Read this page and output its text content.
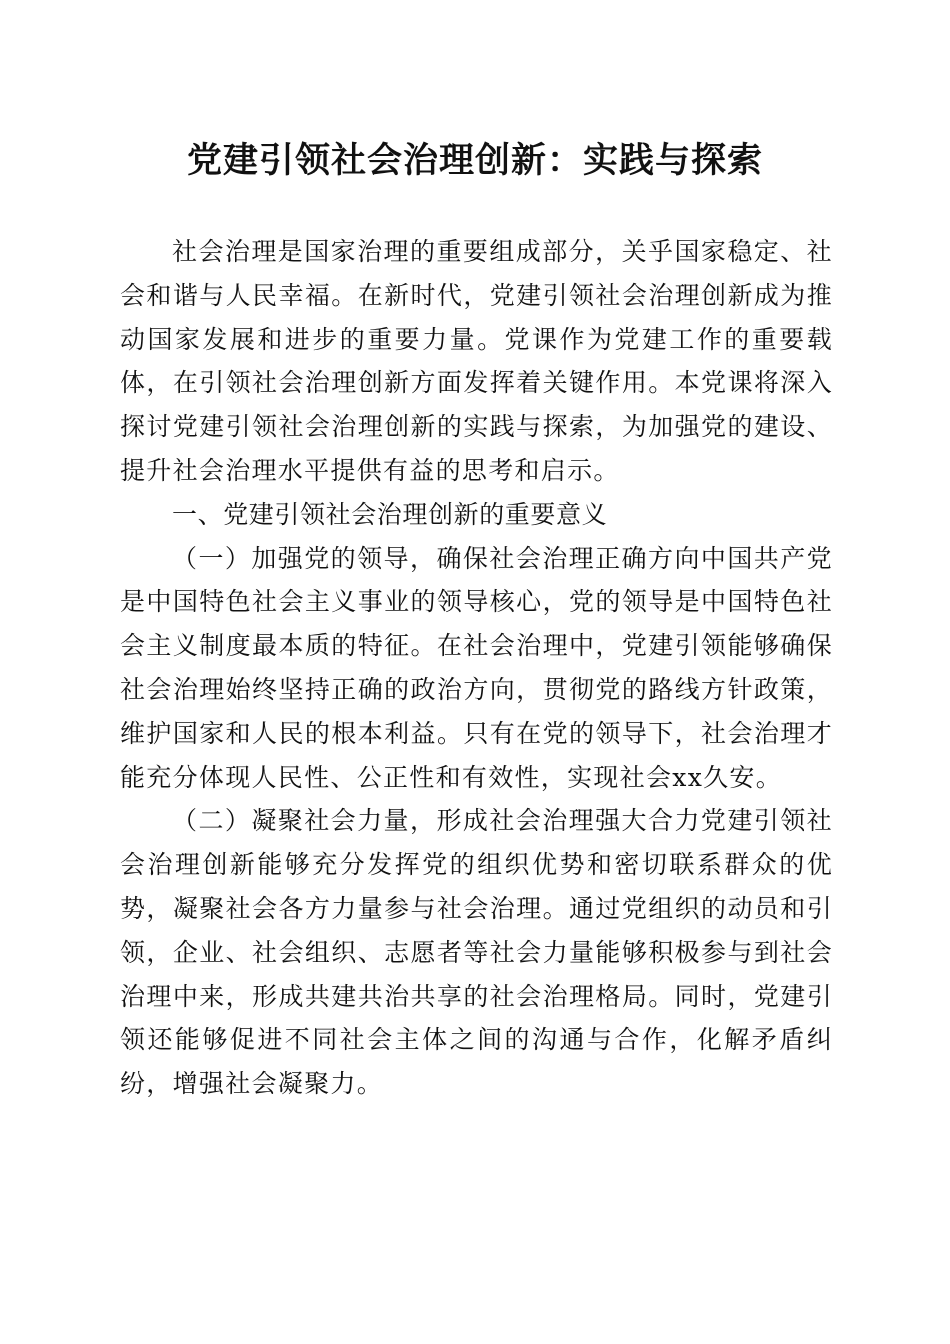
党建引领社会治理创新：实践与探索

社会治理是国家治理的重要组成部分，关乎国家稳定、社会和谐与人民幸福。在新时代，党建引领社会治理创新成为推动国家发展和进步的重要力量。党课作为党建工作的重要载体，在引领社会治理创新方面发挥着关键作用。本党课将深入探讨党建引领社会治理创新的实践与探索，为加强党的建设、提升社会治理水平提供有益的思考和启示。

一、党建引领社会治理创新的重要意义

（一）加强党的领导，确保社会治理正确方向中国共产党是中国特色社会主义事业的领导核心，党的领导是中国特色社会主义制度最本质的特征。在社会治理中，党建引领能够确保社会治理始终坚持正确的政治方向，贯彻党的路线方针政策，维护国家和人民的根本利益。只有在党的领导下，社会治理才能充分体现人民性、公正性和有效性，实现社会xx久安。

（二）凝聚社会力量，形成社会治理强大合力党建引领社会治理创新能够充分发挥党的组织优势和密切联系群众的优势，凝聚社会各方力量参与社会治理。通过党组织的动员和引领，企业、社会组织、志愿者等社会力量能够积极参与到社会治理中来，形成共建共治共享的社会治理格局。同时，党建引领还能够促进不同社会主体之间的沟通与合作，化解矛盾纠纷，增强社会凝聚力。
